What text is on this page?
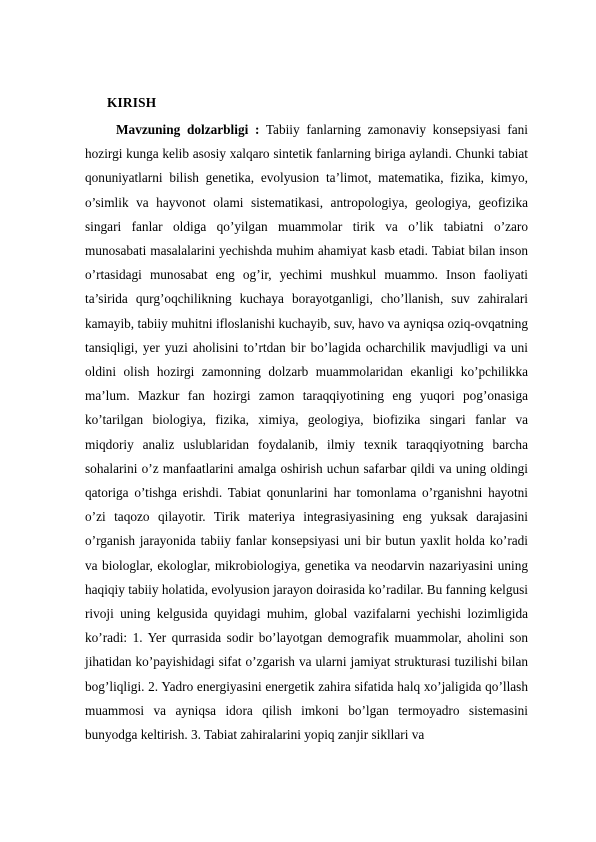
KIRISH

Mavzuning dolzarbligi : Tabiiy fanlarning zamonaviy konsepsiyasi fani hozirgi kunga kelib asosiy xalqaro sintetik fanlarning biriga aylandi. Chunki tabiat qonuniyatlarni bilish genetika, evolyusion ta’limot, matematika, fizika, kimyo, o’simlik va hayvonot olami sistematikasi, antropologiya, geologiya, geofizika singari fanlar oldiga qo’yilgan muammolar tirik va o’lik tabiatni o’zaro munosabati masalalarini yechishda muhim ahamiyat kasb etadi. Tabiat bilan inson o’rtasidagi munosabat eng og’ir, yechimi mushkul muammo. Inson faoliyati ta’sirida qurg’oqchilikning kuchaya borayotganligi, cho’llanish, suv zahiralari kamayib, tabiiy muhitni ifloslanishi kuchayib, suv, havo va ayniqsa oziq-ovqatning tansiqligi, yer yuzi aholisini to’rtdan bir bo’lagida ocharchilik mavjudligi va uni oldini olish hozirgi zamonning dolzarb muammolaridan ekanligi ko’pchilikka ma’lum. Mazkur fan hozirgi zamon taraqqiyotining eng yuqori pog’onasiga ko’tarilgan biologiya, fizika, ximiya, geologiya, biofizika singari fanlar va miqdoriy analiz uslublaridan foydalanib, ilmiy texnik taraqqiyotning barcha sohalarini o’z manfaatlarini amalga oshirish uchun safarbar qildi va uning oldingi qatoriga o’tishga erishdi. Tabiat qonunlarini har tomonlama o’rganishni hayotni o’zi taqozo qilayotir. Tirik materiya integrasiyasining eng yuksak darajasini o’rganish jarayonida tabiiy fanlar konsepsiyasi uni bir butun yaxlit holda ko’radi va biologlar, ekologlar, mikrobiologiya, genetika va neodarvin nazariyasini uning haqiqiy tabiiy holatida, evolyusion jarayon doirasida ko’radilar. Bu fanning kelgusi rivoji uning kelgusida quyidagi muhim, global vazifalarni yechishi lozimligida ko’radi: 1. Yer qurrasida sodir bo’layotgan demografik muammolar, aholini son jihatidan ko’payishidagi sifat o’zgarish va ularni jamiyat strukturasi tuzilishi bilan bog’liqligi. 2. Yadro energiyasini energetik zahira sifatida halq xo’jaligida qo’llash muammosi va ayniqsa idora qilish imkoni bo’lgan termoyadro sistemasini bunyodga keltirish. 3. Tabiat zahiralarini yopiq zanjir sikllari va
